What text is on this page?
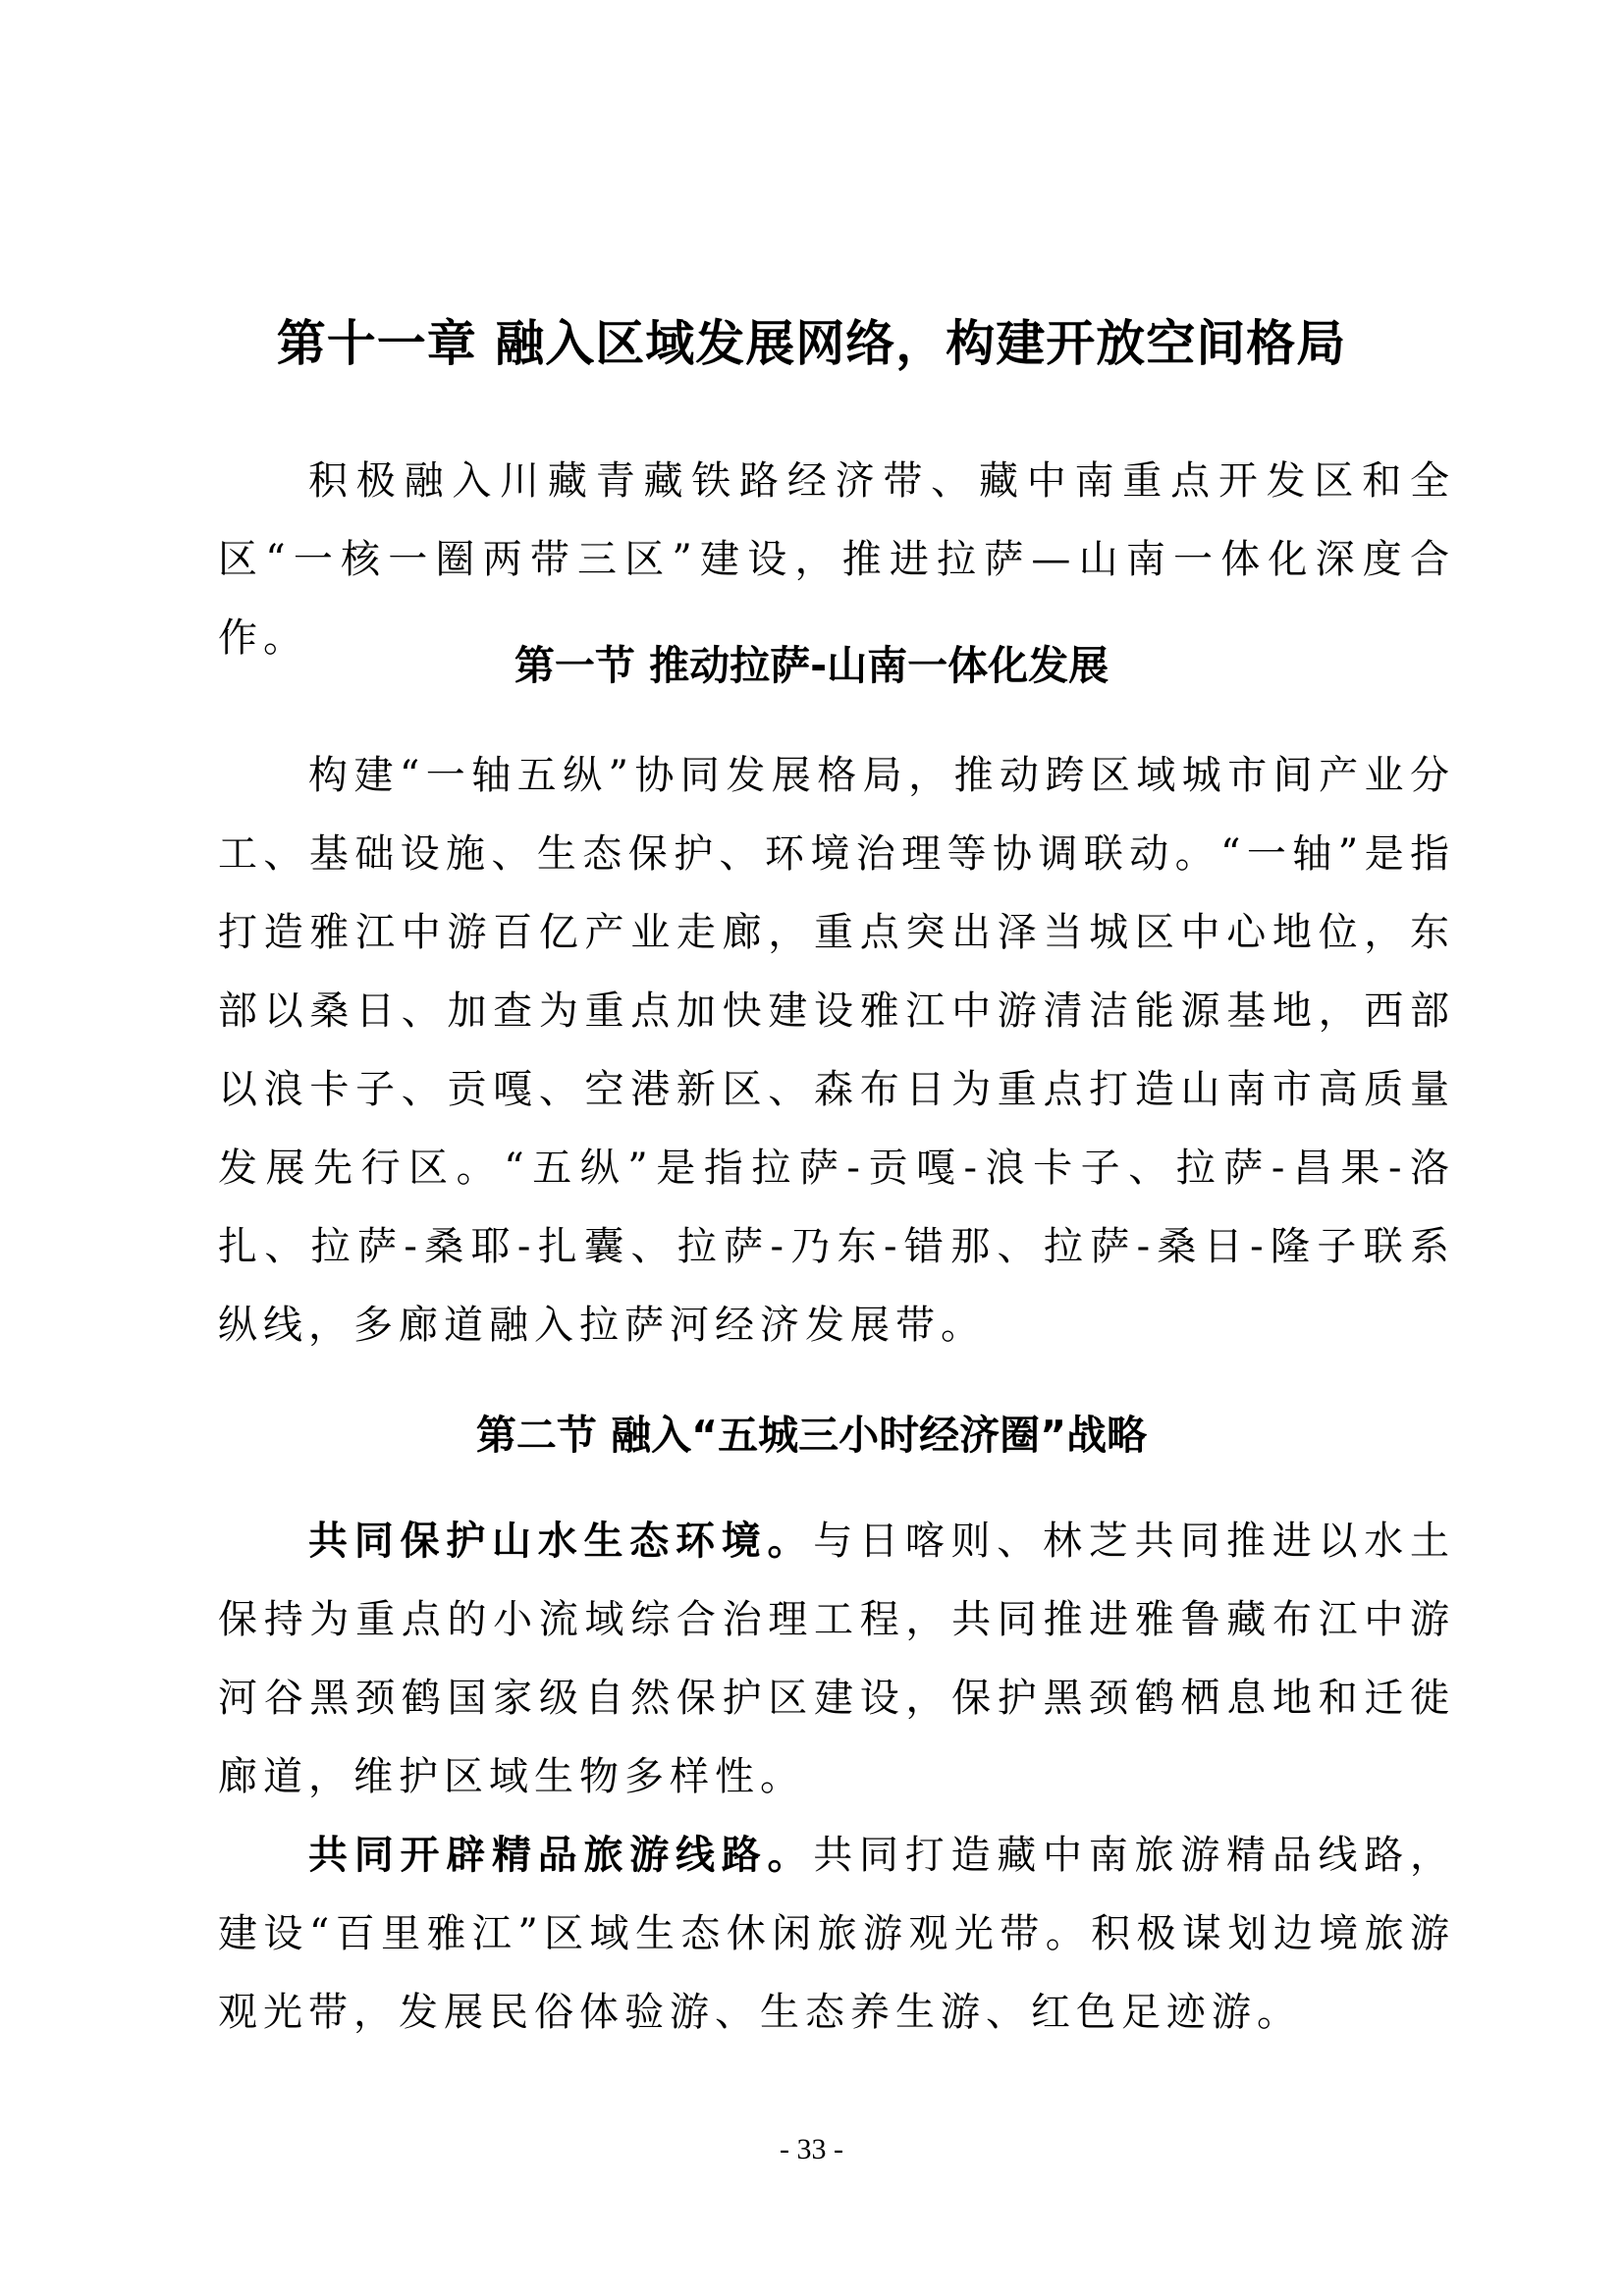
第十一章 融入区域发展网络，构建开放空间格局

积极融入川藏青藏铁路经济带、藏中南重点开发区和全区“一核一圈两带三区”建设，推进拉萨—山南一体化深度合作。

第一节 推动拉萨-山南一体化发展

构建“一轴五纵”协同发展格局，推动跨区域城市间产业分工、基础设施、生态保护、环境治理等协调联动。“一轴”是指打造雅江中游百亿产业走廊，重点突出泽当城区中心地位，东部以桑日、加查为重点加快建设雅江中游清洁能源基地，西部以浪卡子、贡嘎、空港新区、森布日为重点打造山南市高质量发展先行区。“五纵”是指拉萨-贡嘎-浪卡子、拉萨-昌果-洛扎、拉萨-桑耶-扎囊、拉萨-乃东-错那、拉萨-桑日-隆子联系纵线，多廊道融入拉萨河经济发展带。

第二节 融入“五城三小时经济圈”战略

共同保护山水生态环境。与日喀则、林芝共同推进以水土保持为重点的小流域综合治理工程，共同推进雅鲁藏布江中游河谷黑颈鹤国家级自然保护区建设，保护黑颈鹤栖息地和迁徙廊道，维护区域生物多样性。

共同开辟精品旅游线路。共同打造藏中南旅游精品线路，建设“百里雅江”区域生态休闲旅游观光带。积极谋划边境旅游观光带，发展民俗体验游、生态养生游、红色足迹游。

- 33 -
